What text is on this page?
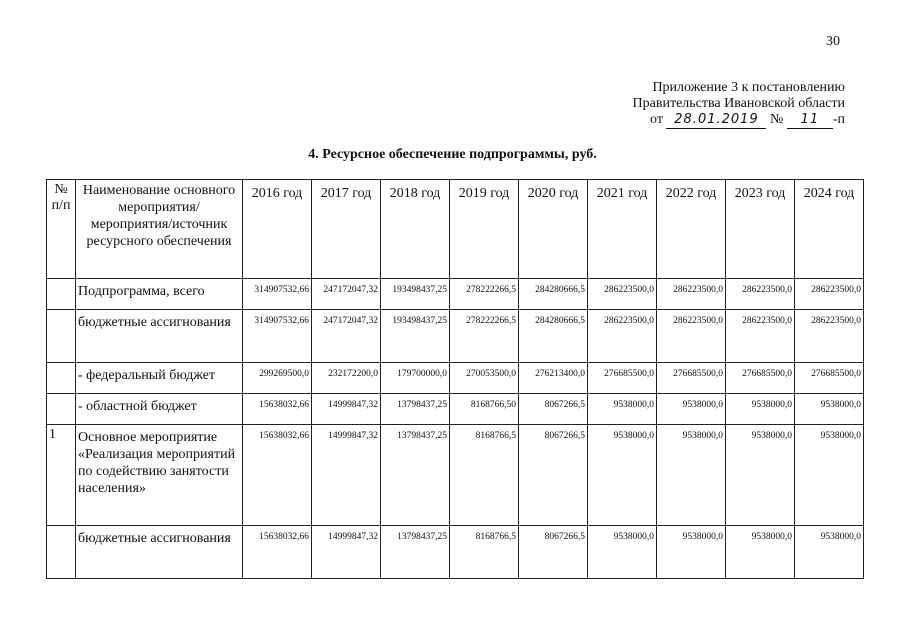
30
Приложение 3 к постановлению
Правительства Ивановской области
от 28.01.2019 № 11 -п
4. Ресурсное обеспечение подпрограммы, руб.
№ п/п	Наименование основного мероприятия/мероприятия/источник ресурсного обеспечения	2016 год	2017 год	2018 год	2019 год	2020 год	2021 год	2022 год	2023 год	2024 год
	Подпрограмма, всего	314907532,66	247172047,32	193498437,25	278222266,5	284280666,5	286223500,0	286223500,0	286223500,0	286223500,0
	бюджетные ассигнования	314907532,66	247172047,32	193498437,25	278222266,5	284280666,5	286223500,0	286223500,0	286223500,0	286223500,0
	- федеральный бюджет	299269500,0	232172200,0	179700000,0	270053500,0	276213400,0	276685500,0	276685500,0	276685500,0	276685500,0
	- областной бюджет	15638032,66	14999847,32	13798437,25	8168766,50	8067266,5	9538000,0	9538000,0	9538000,0	9538000,0
1	Основное мероприятие «Реализация мероприятий по содействию занятости населения»	15638032,66	14999847,32	13798437,25	8168766,5	8067266,5	9538000,0	9538000,0	9538000,0	9538000,0
	бюджетные ассигнования	15638032,66	14999847,32	13798437,25	8168766,5	8067266,5	9538000,0	9538000,0	9538000,0	9538000,0
